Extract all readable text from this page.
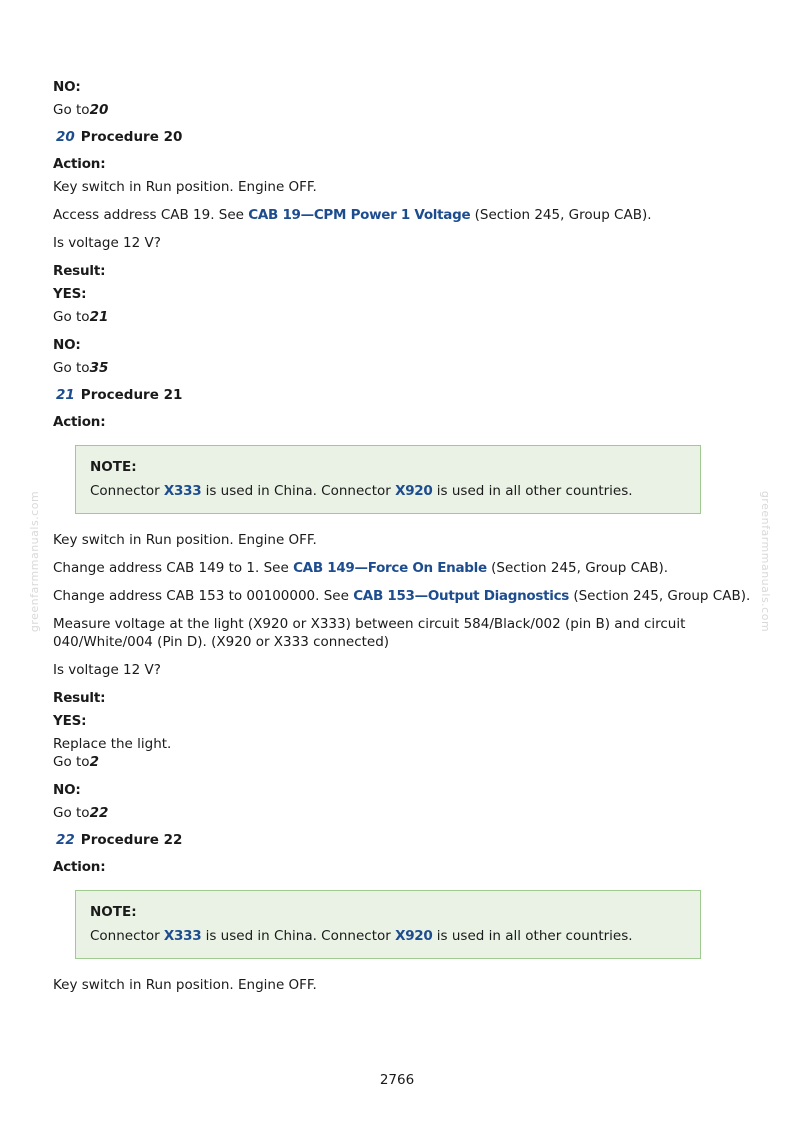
greenfarmmanuals.com	greenfarmmanuals.com

NO:

Go to20

20 Procedure 20

Action:

Key switch in Run position. Engine OFF.

Access address CAB 19. See CAB 19—CPM Power 1 Voltage (Section 245, Group CAB).

Is voltage 12 V?

Result:

YES:

Go to21

NO:

Go to35

21 Procedure 21

Action:

NOTE:

Connector X333 is used in China. Connector X920 is used in all other countries.

Key switch in Run position. Engine OFF.

Change address CAB 149 to 1. See CAB 149—Force On Enable (Section 245, Group CAB).

Change address CAB 153 to 00100000. See CAB 153—Output Diagnostics (Section 245, Group CAB).

Measure voltage at the light (X920 or X333) between circuit 584/Black/002 (pin B) and circuit 040/White/004 (Pin D). (X920 or X333 connected)

Is voltage 12 V?

Result:

YES:

Replace the light.

Go to2

NO:

Go to22

22 Procedure 22

Action:

NOTE:

Connector X333 is used in China. Connector X920 is used in all other countries.

Key switch in Run position. Engine OFF.

2766
